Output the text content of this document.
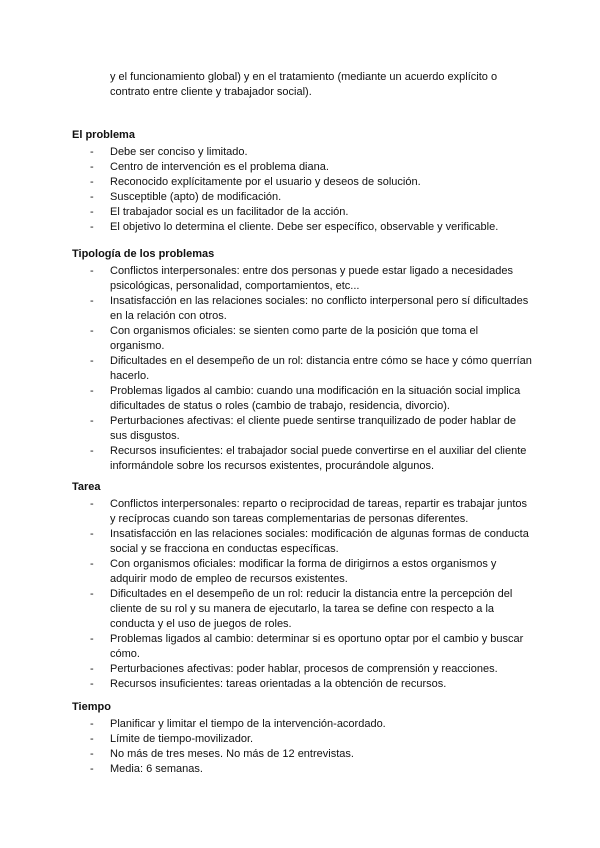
y el funcionamiento global) y en el tratamiento (mediante un acuerdo explícito o

contrato entre cliente y trabajador social).

El problema
- Debe ser conciso y limitado.
- Centro de intervención es el problema diana.
- Reconocido explícitamente por el usuario y deseos de solución.
- Susceptible (apto) de modificación.
- El trabajador social es un facilitador de la acción.
- El objetivo lo determina el cliente. Debe ser específico, observable y verificable.
Tipología de los problemas
- Conflictos interpersonales: entre dos personas y puede estar ligado a necesidades psicológicas, personalidad, comportamientos, etc...
- Insatisfacción en las relaciones sociales: no conflicto interpersonal pero sí dificultades en la relación con otros.
- Con organismos oficiales: se sienten como parte de la posición que toma el organismo.
- Dificultades en el desempeño de un rol: distancia entre cómo se hace y cómo querrían hacerlo.
- Problemas ligados al cambio: cuando una modificación en la situación social implica dificultades de status o roles (cambio de trabajo, residencia, divorcio).
- Perturbaciones afectivas: el cliente puede sentirse tranquilizado de poder hablar de sus disgustos.
- Recursos insuficientes: el trabajador social puede convertirse en el auxiliar del cliente informándole sobre los recursos existentes, procurándole algunos.
Tarea
- Conflictos interpersonales: reparto o reciprocidad de tareas, repartir es trabajar juntos y recíprocas cuando son tareas complementarias de personas diferentes.
- Insatisfacción en las relaciones sociales: modificación de algunas formas de conducta social y se fracciona en conductas específicas.
- Con organismos oficiales: modificar la forma de dirigirnos a estos organismos y adquirir modo de empleo de recursos existentes.
- Dificultades en el desempeño de un rol: reducir la distancia entre la percepción del cliente de su rol y su manera de ejecutarlo, la tarea se define con respecto a la conducta y el uso de juegos de roles.
- Problemas ligados al cambio: determinar si es oportuno optar por el cambio y buscar cómo.
- Perturbaciones afectivas: poder hablar, procesos de comprensión y reacciones.
- Recursos insuficientes: tareas orientadas a la obtención de recursos.
Tiempo
- Planificar y limitar el tiempo de la intervención-acordado.
- Límite de tiempo-movilizador.
- No más de tres meses. No más de 12 entrevistas.
- Media: 6 semanas.
